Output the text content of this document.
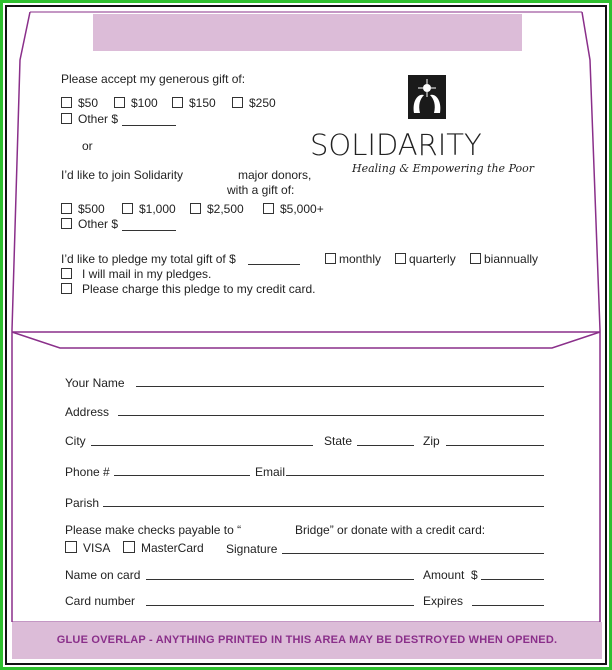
Please accept my generous gift of:
$50	$100	$150	$250
Other $
or
I’d like to join Solidarity	major donors,
with a gift of:
$500	$1,000	$2,500	$5,000+
Other $
I’d like to pledge my total gift of $	monthly	quarterly	biannually
I will mail in my pledges.
Please charge this pledge to my credit card.
SOLIDARITY
Healing & Empowering the Poor
Your Name
Address
City	State	Zip
Phone #	Email
Parish
Please make checks payable to “	Bridge” or donate with a credit card:
VISA	MasterCard Signature
Name on card	Amount $
Card number	Expires
GLUE OVERLAP - ANYTHING PRINTED IN THIS AREA MAY BE DESTROYED WHEN OPENED.
